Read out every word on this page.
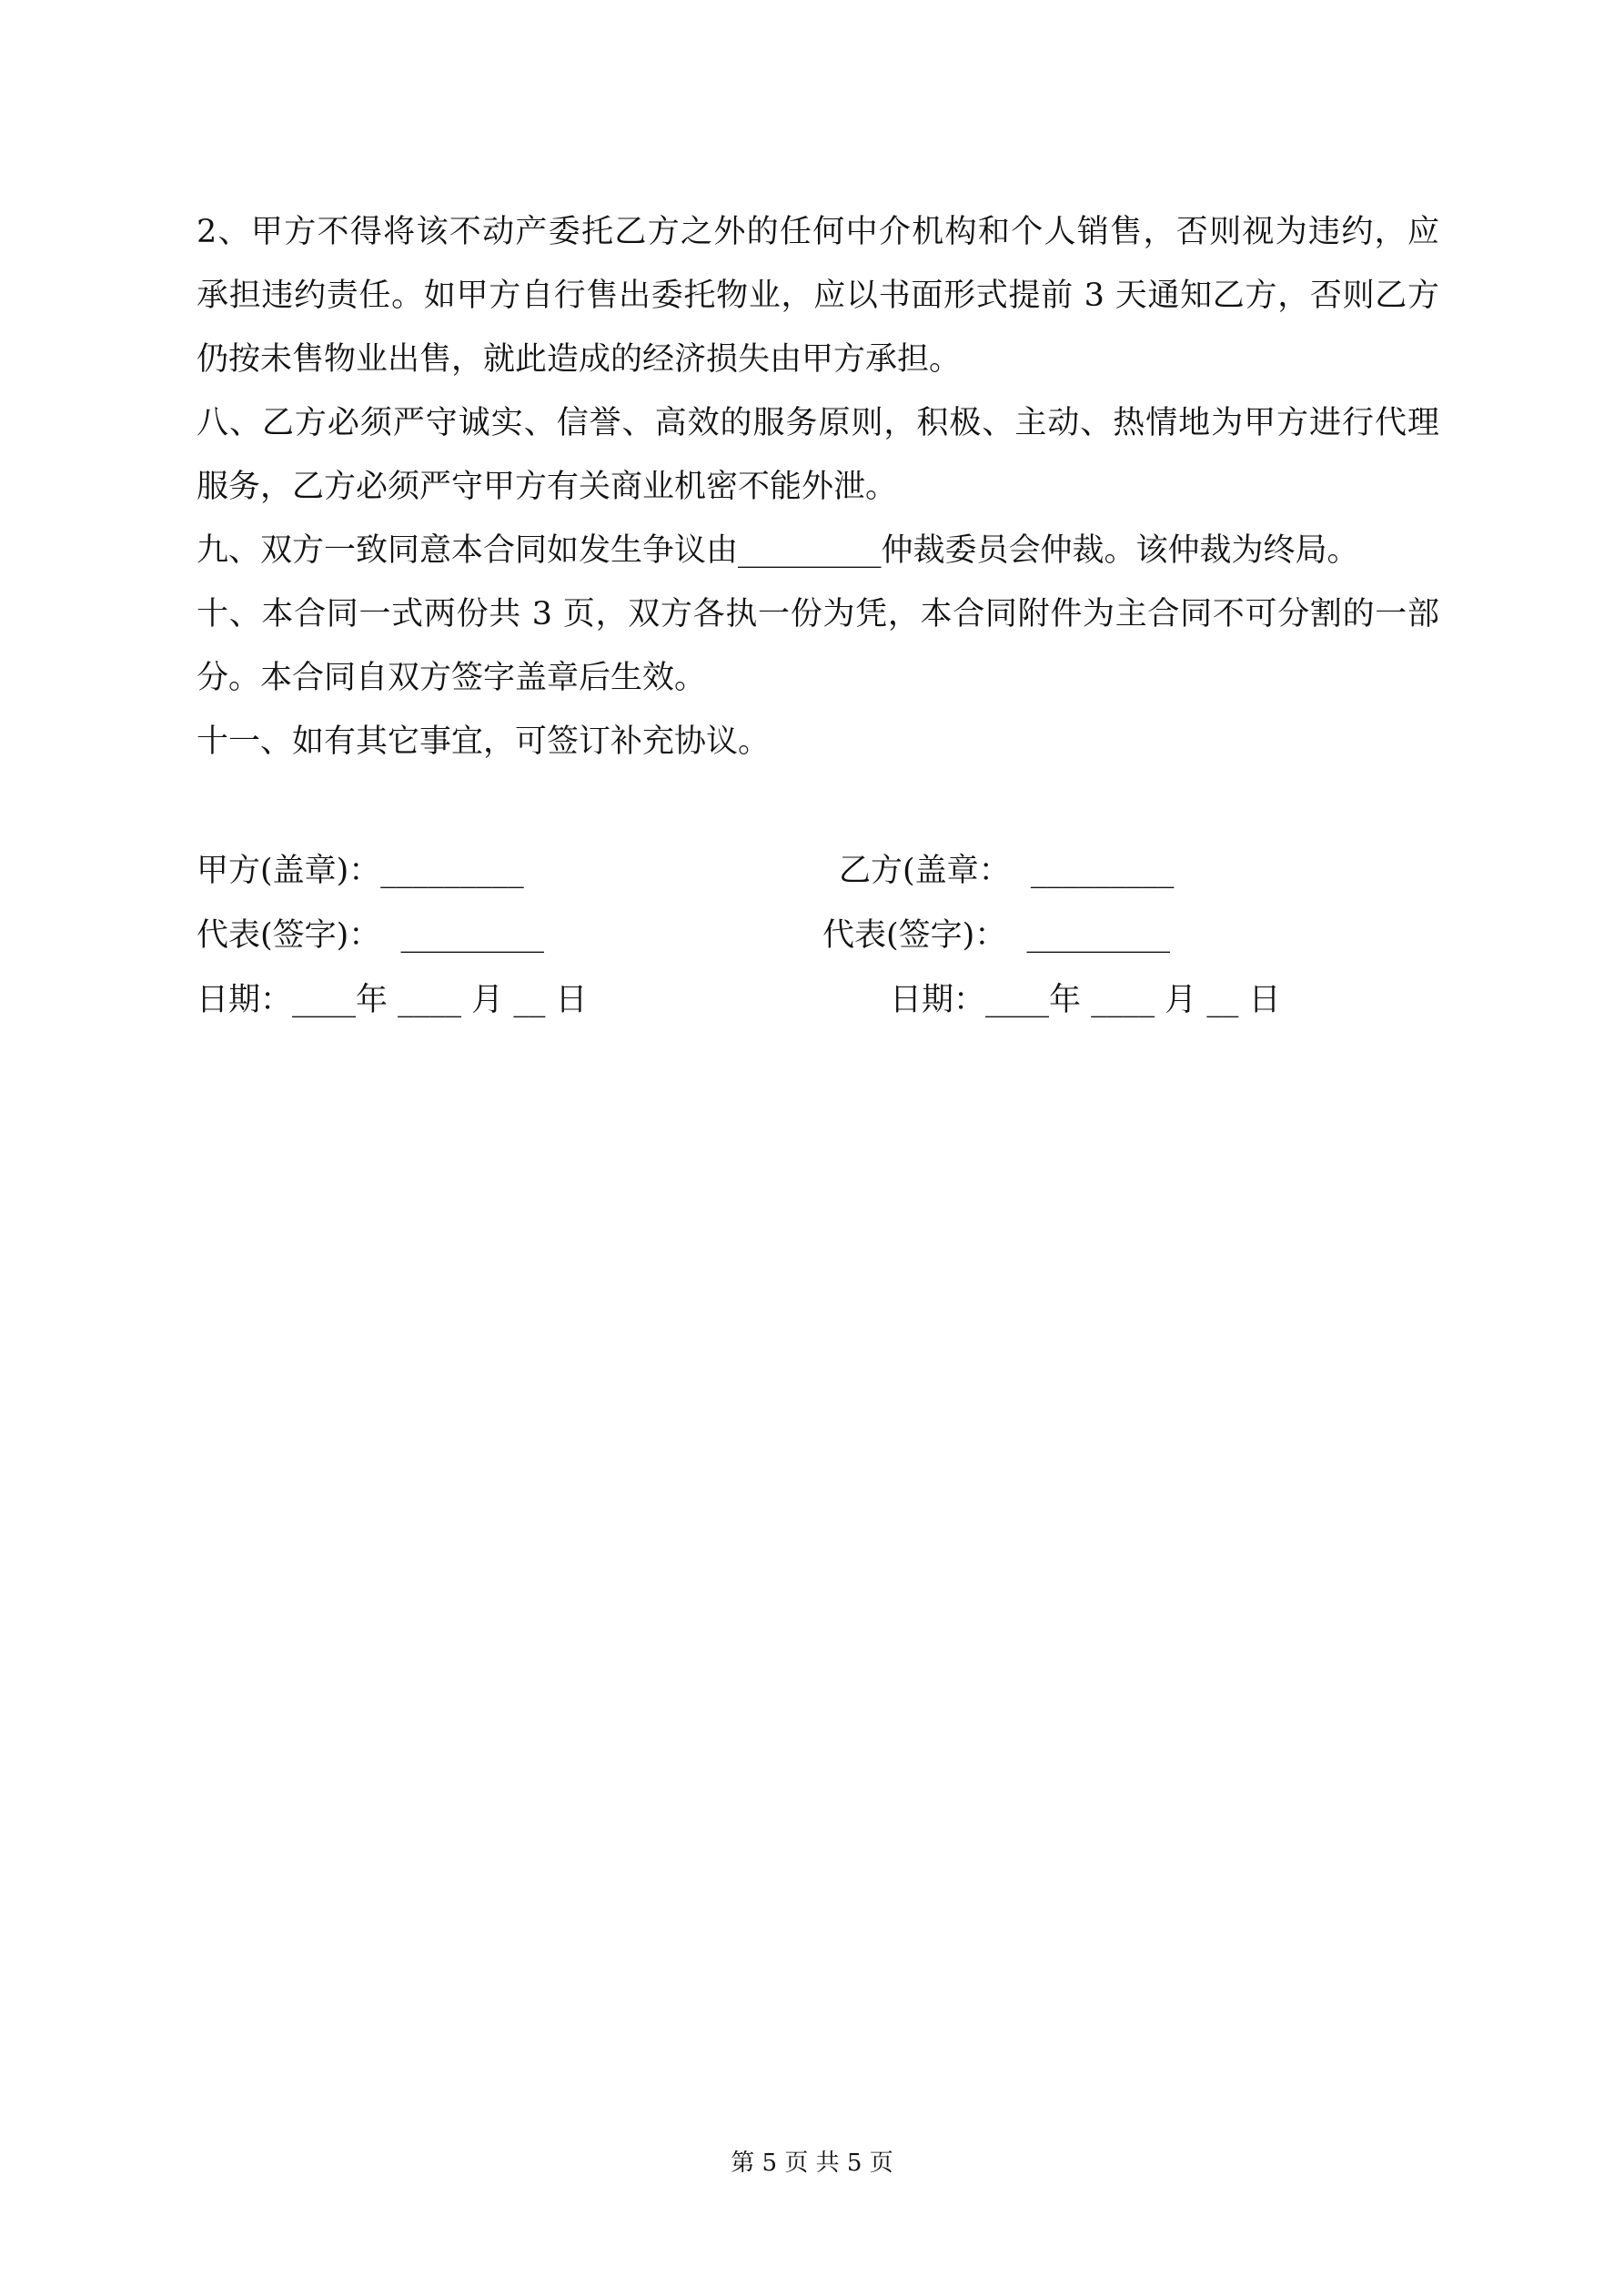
2、甲方不得将该不动产委托乙方之外的任何中介机构和个人销售，否则视为违约，应
承担违约责任。如甲方自行售出委托物业，应以书面形式提前 3 天通知乙方，否则乙方
仍按未售物业出售，就此造成的经济损失由甲方承担。
八、乙方必须严守诚实、信誉、高效的服务原则，积极、主动、热情地为甲方进行代理
服务，乙方必须严守甲方有关商业机密不能外泄。
九、双方一致同意本合同如发生争议由_________仲裁委员会仲裁。该仲裁为终局。
十、本合同一式两份共 3 页，双方各执一份为凭，本合同附件为主合同不可分割的一部
分。本合同自双方签字盖章后生效。
十一、如有其它事宜，可签订补充协议。
甲方(盖章)：_________	乙方(盖章：  _________
代表(签字)：  _________	代表(签字)：  _________
日期：____年 ____ 月 __ 日	日期：____年 ____ 月 __ 日
第 5 页 共 5 页
